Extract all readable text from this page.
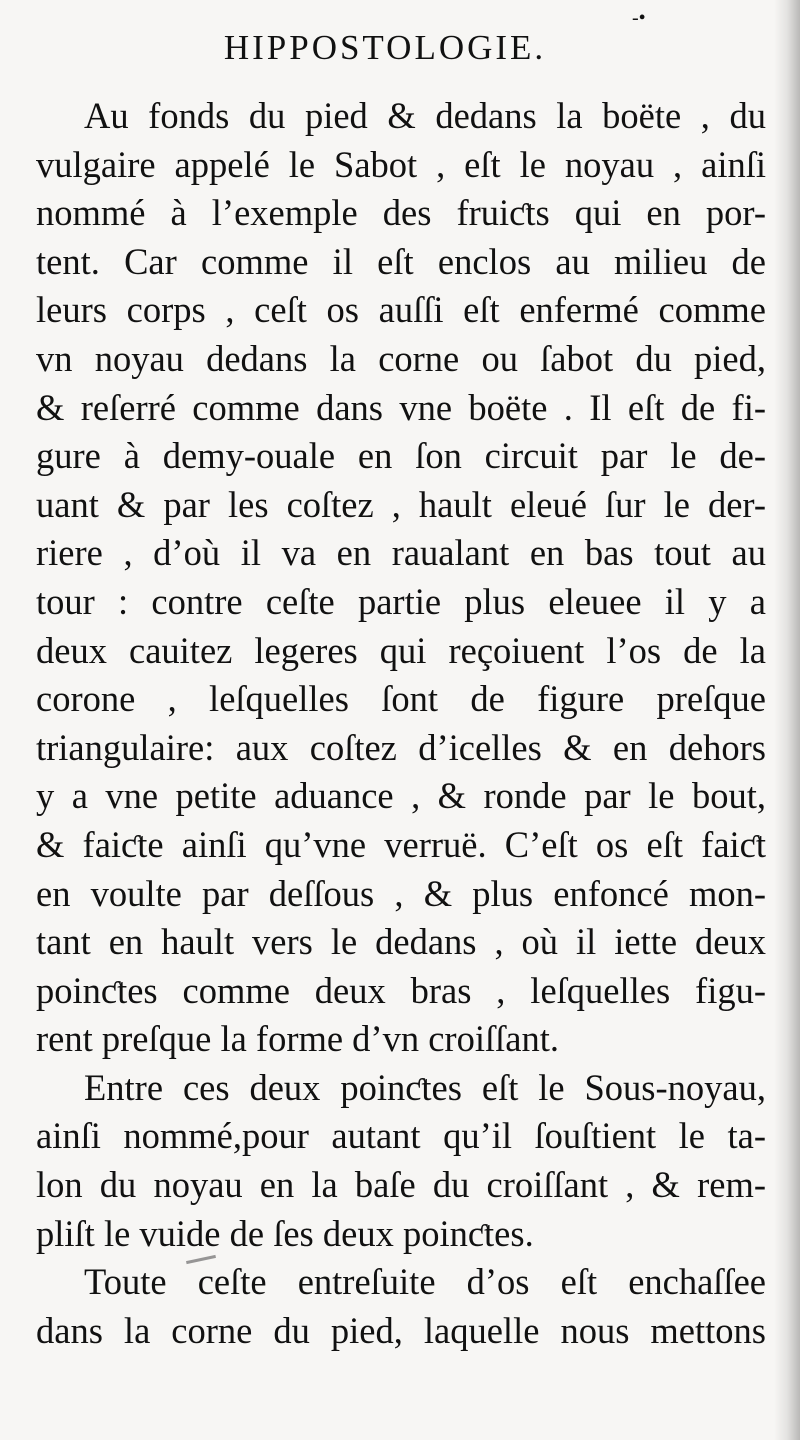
-•
HIPPOSTOLOGIE.
Au fonds du pied & dedans la boëte , du
vulgaire appelé le Sabot , eſt le noyau , ainſi
nommé à l’exemple des fruiƈts qui en por-
tent. Car comme il eſt enclos au milieu de
leurs corps , ceſt os auſſi eſt enfermé comme
vn noyau dedans la corne ou ſabot du pied,
& reſerré comme dans vne boëte . Il eſt de fi-
gure à demy-ouale en ſon circuit par le de-
uant & par les coſtez , hault eleué ſur le der-
riere , d’où il va en raualant en bas tout au
tour : contre ceſte partie plus eleuee il y a
deux cauitez legeres qui reçoiuent l’os de la
corone , leſquelles ſont de figure preſque
triangulaire: aux coſtez d’icelles & en dehors
y a vne petite aduance , & ronde par le bout,
& faiƈte ainſi qu’vne verruë. C’eſt os eſt faiƈt
en voulte par deſſous , & plus enfoncé mon-
tant en hault vers le dedans , où il iette deux
poinƈtes comme deux bras , leſquelles figu-
rent preſque la forme d’vn croiſſant.
Entre ces deux poinƈtes eſt le Sous-noyau,
ainſi nommé,pour autant qu’il ſouſtient le ta-
lon du noyau en la baſe du croiſſant , & rem-
pliſt le vuide de ſes deux poinƈtes.
Toute ceſte entreſuite d’os eſt enchaſſee
dans la corne du pied, laquelle nous mettons
